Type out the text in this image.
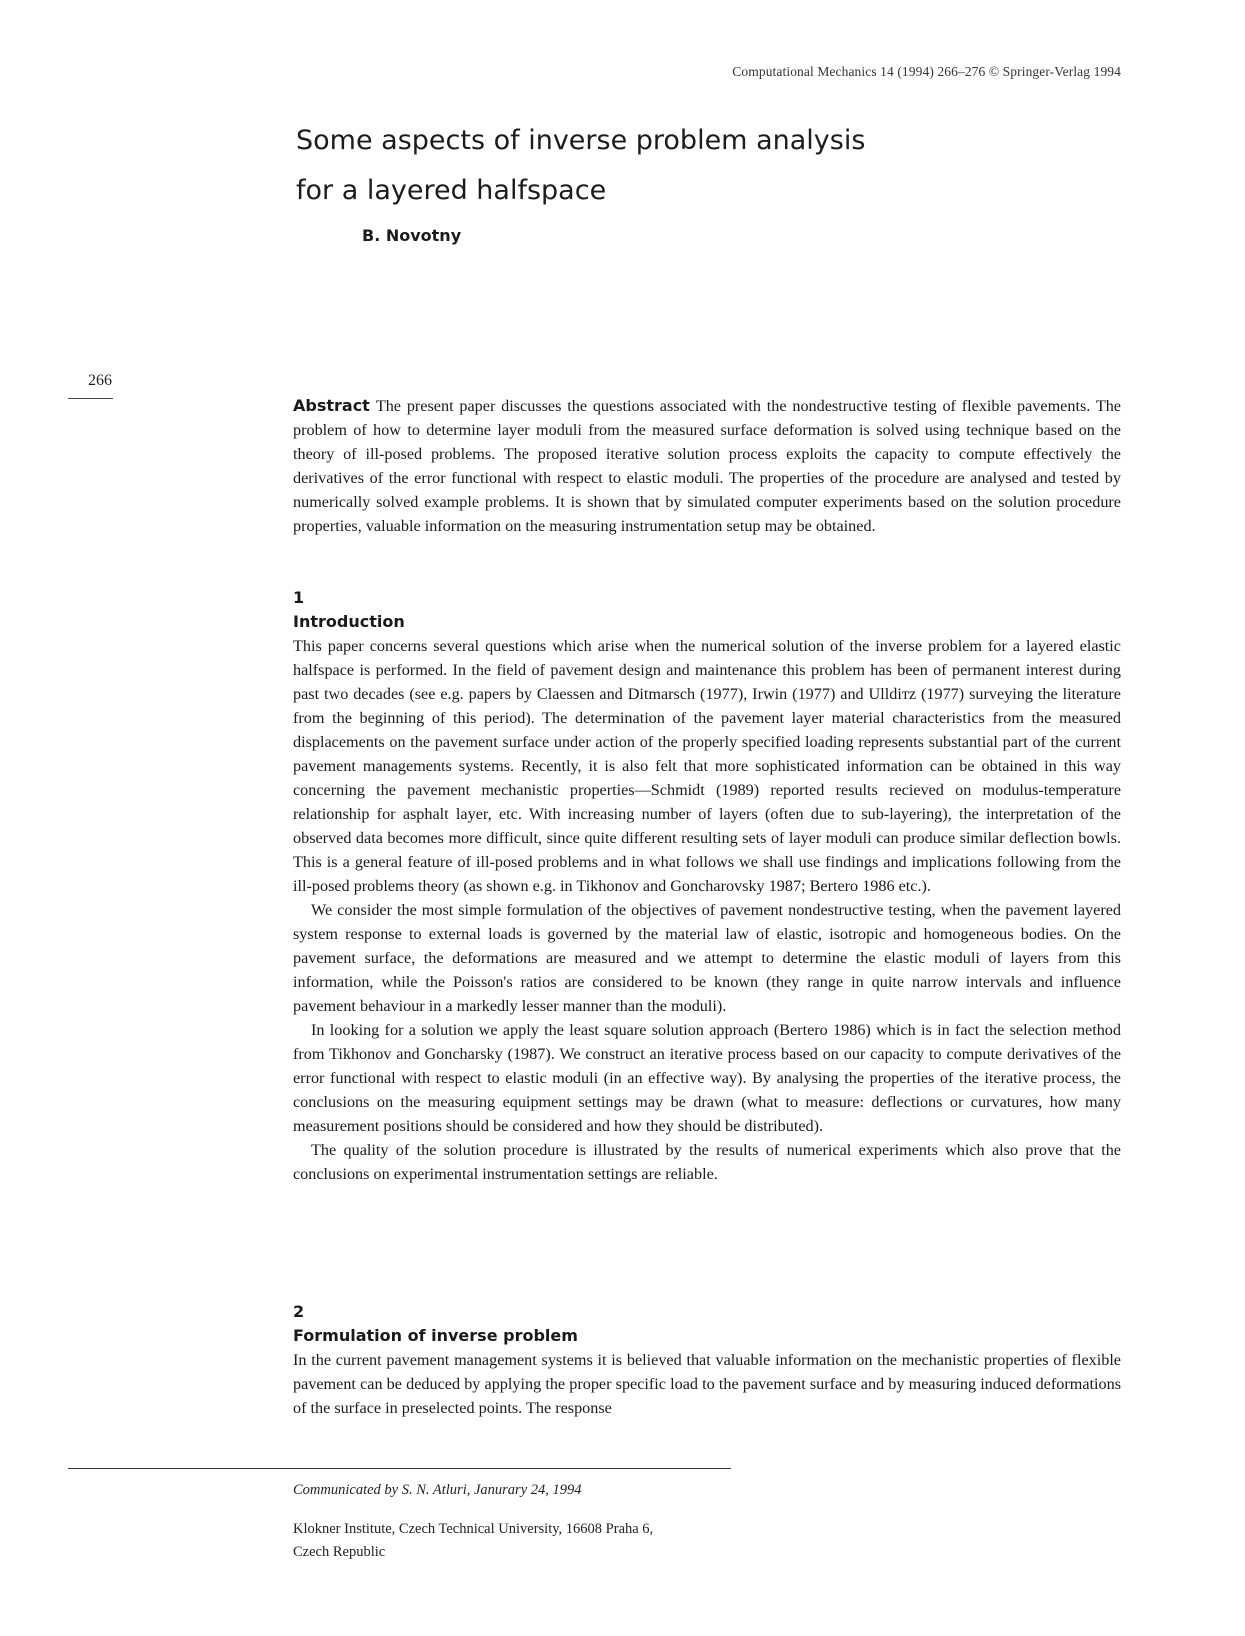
Computational Mechanics 14 (1994) 266–276 © Springer-Verlag 1994
266
Some aspects of inverse problem analysis
for a layered halfspace
B. Novotny

Abstract The present paper discusses the questions associated with the nondestructive testing of flexible pavements. The problem of how to determine layer moduli from the measured surface deformation is solved using technique based on the theory of ill-posed problems. The proposed iterative solution process exploits the capacity to compute effectively the derivatives of the error functional with respect to elastic moduli. The properties of the procedure are analysed and tested by numerically solved example problems. It is shown that by simulated computer experiments based on the solution procedure properties, valuable information on the measuring instrumentation setup may be obtained.

1
Introduction

This paper concerns several questions which arise when the numerical solution of the inverse problem for a layered elastic halfspace is performed. In the field of pavement design and maintenance this problem has been of permanent interest during past two decades (see e.g. papers by Claessen and Ditmarsch (1977), Irwin (1977) and Ulldiтz (1977) surveying the literature from the beginning of this period). The determination of the pavement layer material characteristics from the measured displacements on the pavement surface under action of the properly specified loading represents substantial part of the current pavement managements systems. Recently, it is also felt that more sophisticated information can be obtained in this way concerning the pavement mechanistic properties—Schmidt (1989) reported results recieved on modulus-temperature relationship for asphalt layer, etc. With increasing number of layers (often due to sub-layering), the interpretation of the observed data becomes more difficult, since quite different resulting sets of layer moduli can produce similar deflection bowls. This is a general feature of ill-posed problems and in what follows we shall use findings and implications following from the ill-posed problems theory (as shown e.g. in Tikhonov and Goncharovsky 1987; Bertero 1986 etc.).

We consider the most simple formulation of the objectives of pavement nondestructive testing, when the pavement layered system response to external loads is governed by the material law of elastic, isotropic and homogeneous bodies. On the pavement surface, the deformations are measured and we attempt to determine the elastic moduli of layers from this information, while the Poisson's ratios are considered to be known (they range in quite narrow intervals and influence pavement behaviour in a markedly lesser manner than the moduli).

In looking for a solution we apply the least square solution approach (Bertero 1986) which is in fact the selection method from Tikhonov and Goncharsky (1987). We construct an iterative process based on our capacity to compute derivatives of the error functional with respect to elastic moduli (in an effective way). By analysing the properties of the iterative process, the conclusions on the measuring equipment settings may be drawn (what to measure: deflections or curvatures, how many measurement positions should be considered and how they should be distributed).

The quality of the solution procedure is illustrated by the results of numerical experiments which also prove that the conclusions on experimental instrumentation settings are reliable.

2
Formulation of inverse problem

In the current pavement management systems it is believed that valuable information on the mechanistic properties of flexible pavement can be deduced by applying the proper specific load to the pavement surface and by measuring induced deformations of the surface in preselected points. The response

Communicated by S. N. Atluri, Janurary 24, 1994
Klokner Institute, Czech Technical University, 16608 Praha 6,
Czech Republic
